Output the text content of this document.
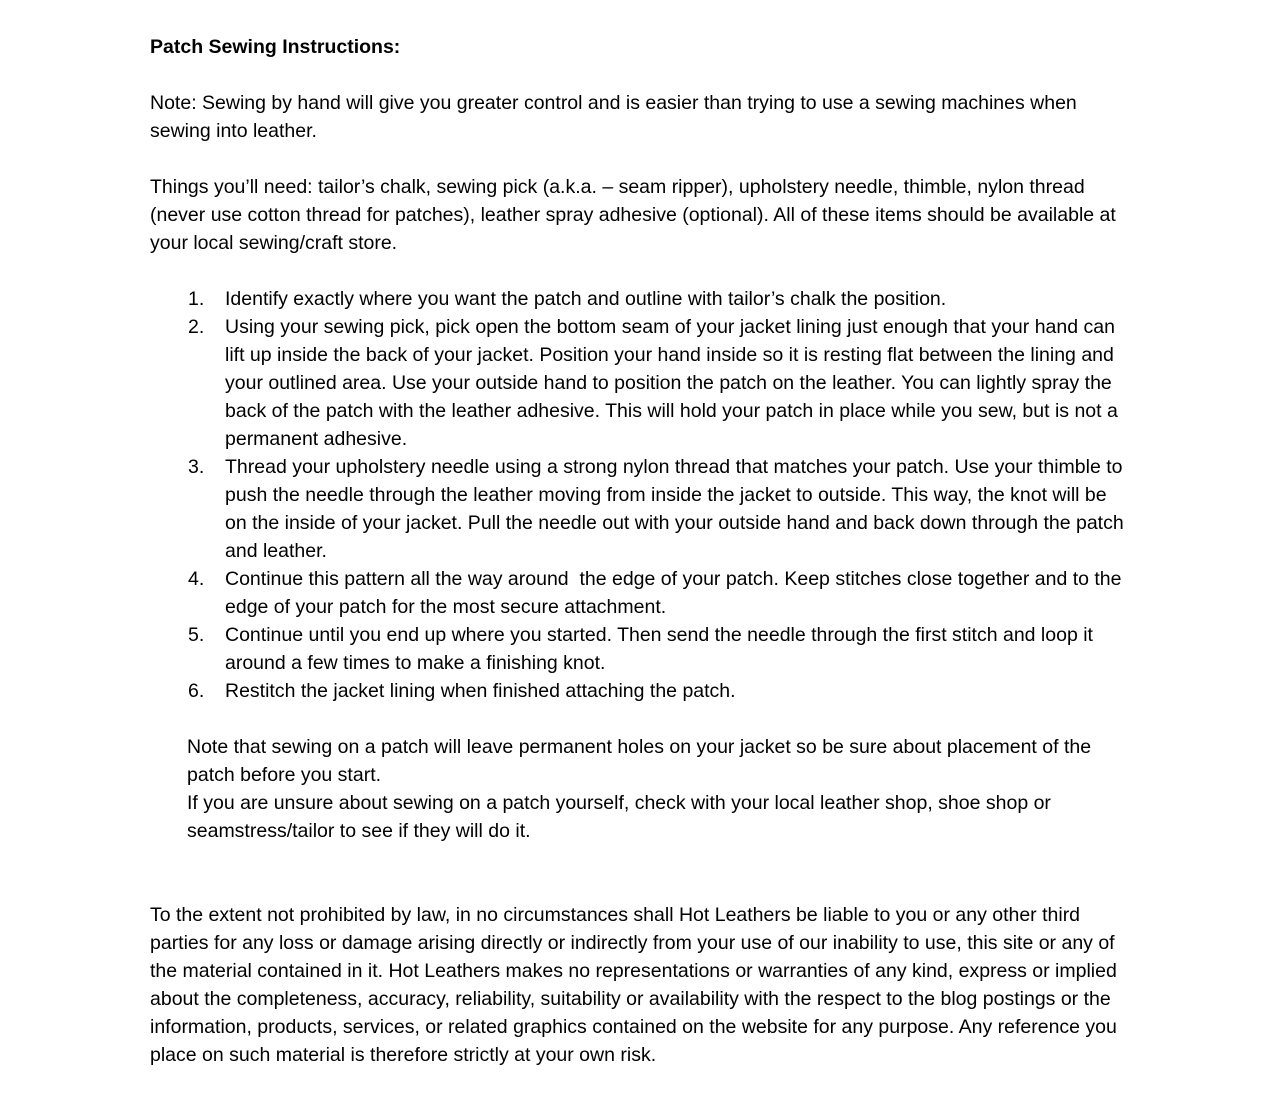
Patch Sewing Instructions:

Note: Sewing by hand will give you greater control and is easier than trying to use a sewing machines when sewing into leather.

Things you’ll need: tailor’s chalk, sewing pick (a.k.a. – seam ripper), upholstery needle, thimble, nylon thread (never use cotton thread for patches), leather spray adhesive (optional). All of these items should be available at your local sewing/craft store.

1. Identify exactly where you want the patch and outline with tailor’s chalk the position.
2. Using your sewing pick, pick open the bottom seam of your jacket lining just enough that your hand can lift up inside the back of your jacket. Position your hand inside so it is resting flat between the lining and your outlined area. Use your outside hand to position the patch on the leather. You can lightly spray the back of the patch with the leather adhesive. This will hold your patch in place while you sew, but is not a permanent adhesive.
3. Thread your upholstery needle using a strong nylon thread that matches your patch. Use your thimble to push the needle through the leather moving from inside the jacket to outside. This way, the knot will be on the inside of your jacket. Pull the needle out with your outside hand and back down through the patch and leather.
4. Continue this pattern all the way around  the edge of your patch. Keep stitches close together and to the edge of your patch for the most secure attachment.
5. Continue until you end up where you started. Then send the needle through the first stitch and loop it around a few times to make a finishing knot.
6. Restitch the jacket lining when finished attaching the patch.

Note that sewing on a patch will leave permanent holes on your jacket so be sure about placement of the patch before you start.

If you are unsure about sewing on a patch yourself, check with your local leather shop, shoe shop or seamstress/tailor to see if they will do it.

To the extent not prohibited by law, in no circumstances shall Hot Leathers be liable to you or any other third parties for any loss or damage arising directly or indirectly from your use of our inability to use, this site or any of the material contained in it. Hot Leathers makes no representations or warranties of any kind, express or implied about the completeness, accuracy, reliability, suitability or availability with the respect to the blog postings or the information, products, services, or related graphics contained on the website for any purpose. Any reference you place on such material is therefore strictly at your own risk.
